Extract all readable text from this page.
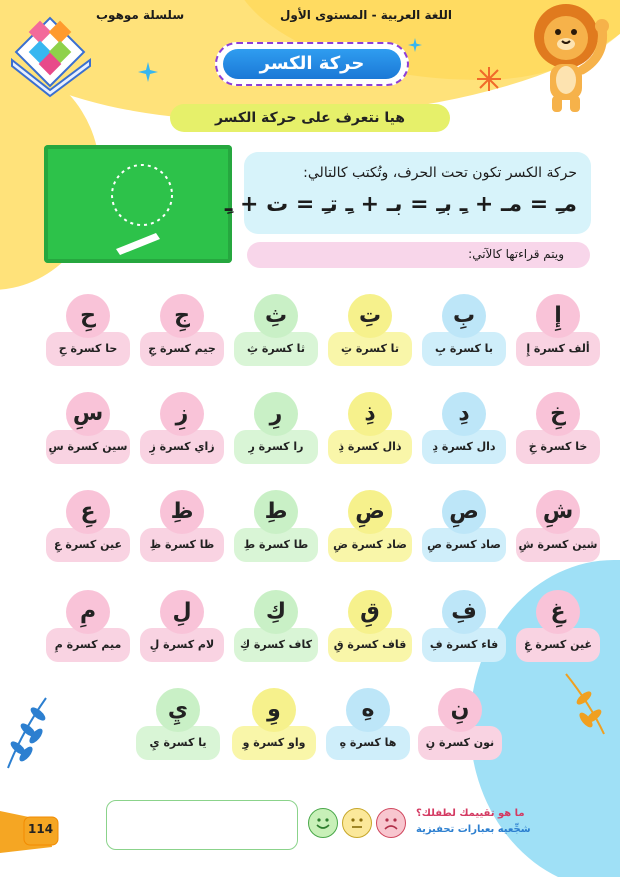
سلسلة موهوب	اللغة العربية - المستوى الأول
حركة الكسر
هيا نتعرف على حركة الكسر
حركة الكسر تكون تحت الحرف، وتُكتب كالتالي:
مـِ = مـ + ـِ بـِ = بـ + ـِ تـِ = ت + ـِ
ويتم قراءتها كالآتي:
ألف كسرة إِ
إِ
با كسرة بِ
بِ
تا كسرة تِ
تِ
ثا كسرة ثِ
ثِ
جيم كسرة جِ
جِ
حا كسرة حِ
حِ
خا كسرة خِ
خِ
دال كسرة دِ
دِ
ذال كسرة ذِ
ذِ
را كسرة رِ
رِ
زاي كسرة زِ
زِ
سين كسرة سِ
سِ
شين كسرة شِ
شِ
صاد كسرة صِ
صِ
ضاد كسرة ضِ
ضِ
طا كسرة طِ
طِ
ظا كسرة ظِ
ظِ
عين كسرة عِ
عِ
غين كسرة غِ
غِ
فاء كسرة فِ
فِ
قاف كسرة قِ
قِ
كاف كسرة كِ
كِ
لام كسرة لِ
لِ
ميم كسرة مِ
مِ
نون كسرة نِ
نِ
ها كسرة هِ
هِ
واو كسرة وِ
وِ
يا كسرة يِ
يِ
114
ما هو تقييمك لطفلك؟
شجِّعيه بعبارات تحفيزية
